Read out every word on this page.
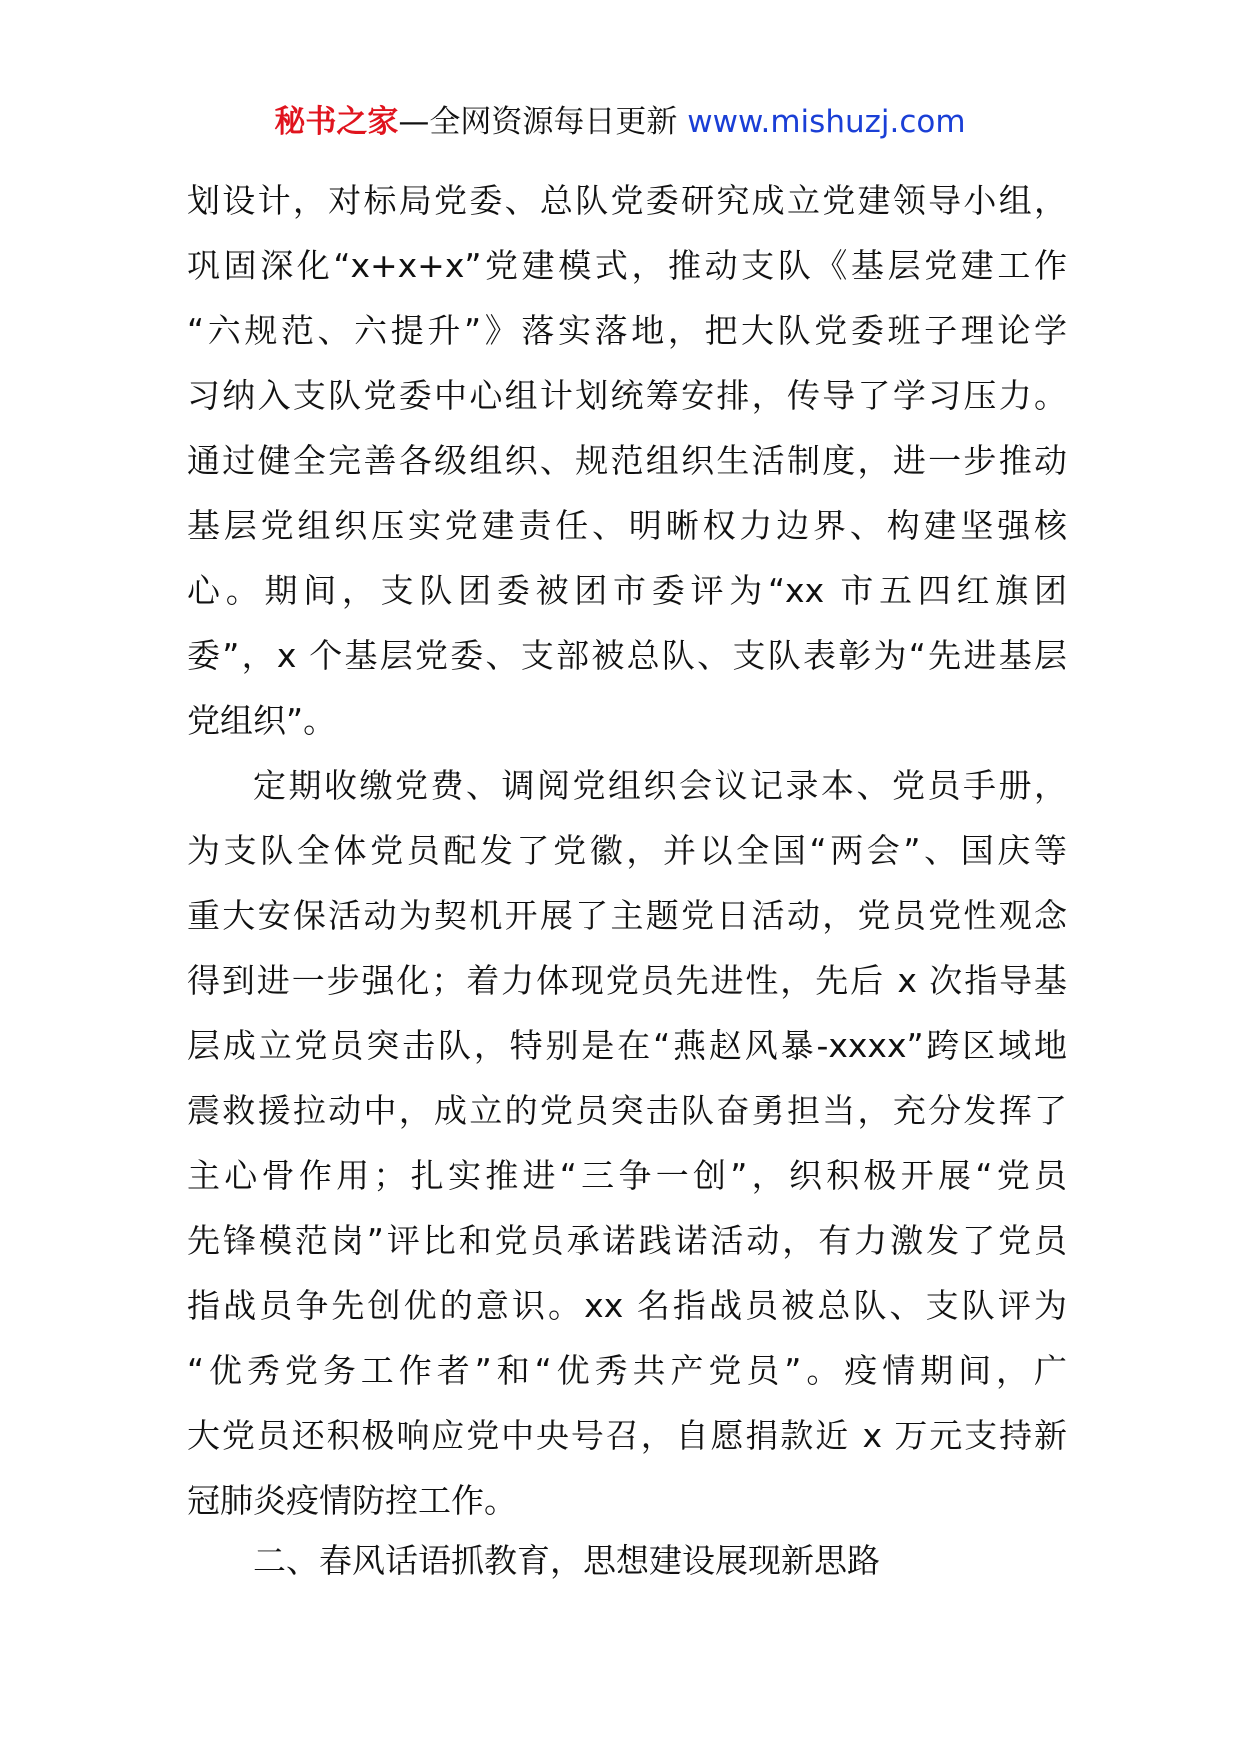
秘书之家—全网资源每日更新 www.mishuzj.com
划设计，对标局党委、总队党委研究成立党建领导小组，
巩固深化“x+x+x”党建模式，推动支队《基层党建工作
“六规范、六提升”》落实落地，把大队党委班子理论学
习纳入支队党委中心组计划统筹安排，传导了学习压力。
通过健全完善各级组织、规范组织生活制度，进一步推动
基层党组织压实党建责任、明晰权力边界、构建坚强核
心。期间，支队团委被团市委评为“xx 市五四红旗团
委”，x 个基层党委、支部被总队、支队表彰为“先进基层
党组织”。
定期收缴党费、调阅党组织会议记录本、党员手册，
为支队全体党员配发了党徽，并以全国“两会”、国庆等
重大安保活动为契机开展了主题党日活动，党员党性观念
得到进一步强化；着力体现党员先进性，先后 x 次指导基
层成立党员突击队，特别是在“燕赵风暴-xxxx”跨区域地
震救援拉动中，成立的党员突击队奋勇担当，充分发挥了
主心骨作用；扎实推进“三争一创”，织积极开展“党员
先锋模范岗”评比和党员承诺践诺活动，有力激发了党员
指战员争先创优的意识。xx 名指战员被总队、支队评为
“优秀党务工作者”和“优秀共产党员”。疫情期间，广
大党员还积极响应党中央号召，自愿捐款近 x 万元支持新
冠肺炎疫情防控工作。
二、春风话语抓教育，思想建设展现新思路
